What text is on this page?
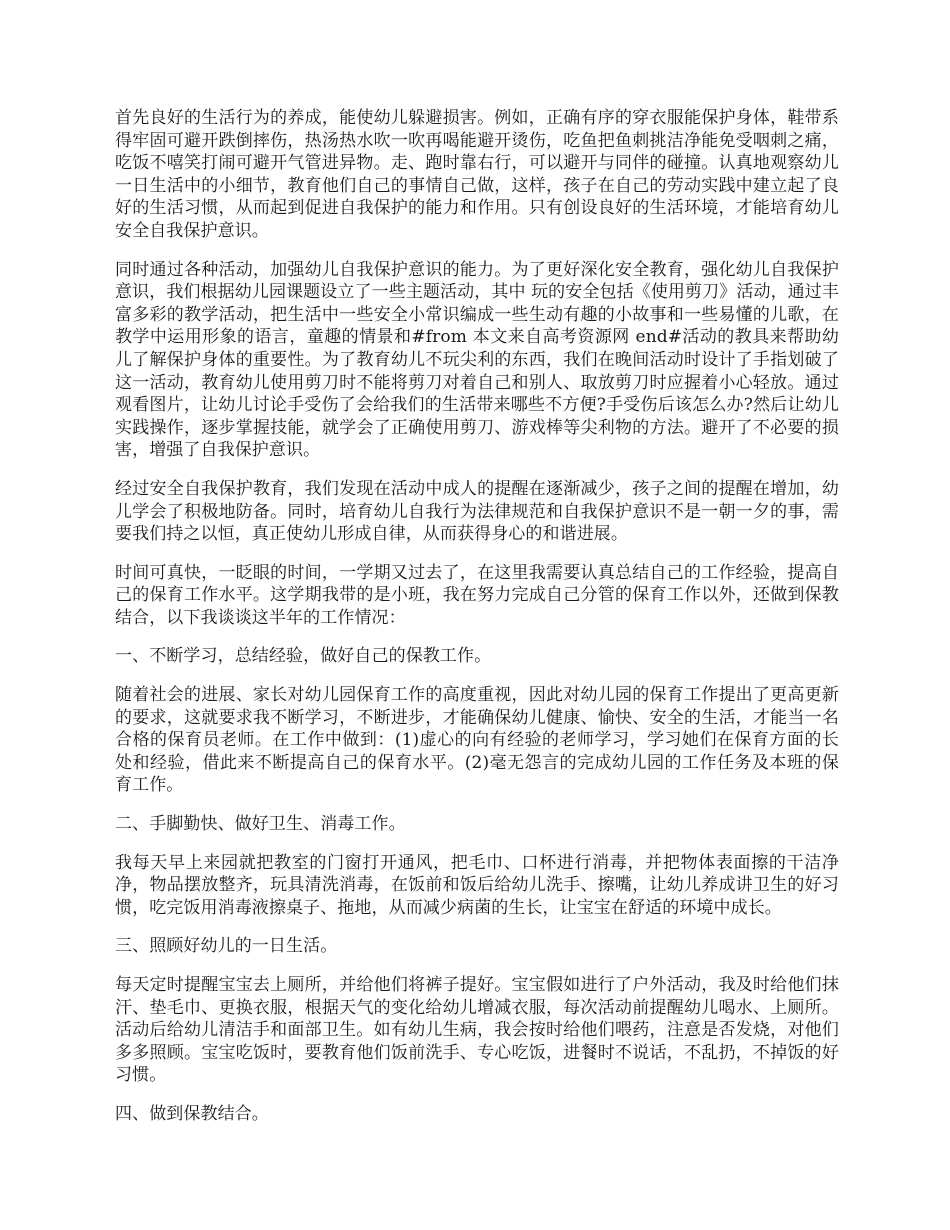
首先良好的生活行为的养成，能使幼儿躲避损害。例如，正确有序的穿衣服能保护身体，鞋带系得牢固可避开跌倒摔伤，热汤热水吹一吹再喝能避开烫伤，吃鱼把鱼刺挑洁净能免受咽刺之痛，吃饭不嘻笑打闹可避开气管进异物。走、跑时靠右行，可以避开与同伴的碰撞。认真地观察幼儿一日生活中的小细节，教育他们自己的事情自己做，这样，孩子在自己的劳动实践中建立起了良好的生活习惯，从而起到促进自我保护的能力和作用。只有创设良好的生活环境，才能培育幼儿安全自我保护意识。

同时通过各种活动，加强幼儿自我保护意识的能力。为了更好深化安全教育，强化幼儿自我保护意识，我们根据幼儿园课题设立了一些主题活动，其中 玩的安全包括《使用剪刀》活动，通过丰富多彩的教学活动，把生活中一些安全小常识编成一些生动有趣的小故事和一些易懂的儿歌，在教学中运用形象的语言，童趣的情景和#from 本文来自高考资源网 end#活动的教具来帮助幼儿了解保护身体的重要性。为了教育幼儿不玩尖利的东西，我们在晚间活动时设计了手指划破了这一活动，教育幼儿使用剪刀时不能将剪刀对着自己和别人、取放剪刀时应握着小心轻放。通过观看图片，让幼儿讨论手受伤了会给我们的生活带来哪些不方便?手受伤后该怎么办?然后让幼儿实践操作，逐步掌握技能，就学会了正确使用剪刀、游戏棒等尖利物的方法。避开了不必要的损害，增强了自我保护意识。

经过安全自我保护教育，我们发现在活动中成人的提醒在逐渐减少，孩子之间的提醒在增加，幼儿学会了积极地防备。同时，培育幼儿自我行为法律规范和自我保护意识不是一朝一夕的事，需要我们持之以恒，真正使幼儿形成自律，从而获得身心的和谐进展。

时间可真快，一眨眼的时间，一学期又过去了，在这里我需要认真总结自己的工作经验，提高自己的保育工作水平。这学期我带的是小班，我在努力完成自己分管的保育工作以外，还做到保教结合，以下我谈谈这半年的工作情况：

一、不断学习，总结经验，做好自己的保教工作。

随着社会的进展、家长对幼儿园保育工作的高度重视，因此对幼儿园的保育工作提出了更高更新的要求，这就要求我不断学习，不断进步，才能确保幼儿健康、愉快、安全的生活，才能当一名合格的保育员老师。在工作中做到：(1)虚心的向有经验的老师学习，学习她们在保育方面的长处和经验，借此来不断提高自己的保育水平。(2)毫无怨言的完成幼儿园的工作任务及本班的保育工作。

二、手脚勤快、做好卫生、消毒工作。

我每天早上来园就把教室的门窗打开通风，把毛巾、口杯进行消毒，并把物体表面擦的干洁净净，物品摆放整齐，玩具清洗消毒，在饭前和饭后给幼儿洗手、擦嘴，让幼儿养成讲卫生的好习惯，吃完饭用消毒液擦桌子、拖地，从而减少病菌的生长，让宝宝在舒适的环境中成长。

三、照顾好幼儿的一日生活。

每天定时提醒宝宝去上厕所，并给他们将裤子提好。宝宝假如进行了户外活动，我及时给他们抹汗、垫毛巾、更换衣服，根据天气的变化给幼儿增减衣服，每次活动前提醒幼儿喝水、上厕所。活动后给幼儿清洁手和面部卫生。如有幼儿生病，我会按时给他们喂药，注意是否发烧，对他们多多照顾。宝宝吃饭时，要教育他们饭前洗手、专心吃饭，进餐时不说话，不乱扔，不掉饭的好习惯。

四、做到保教结合。
